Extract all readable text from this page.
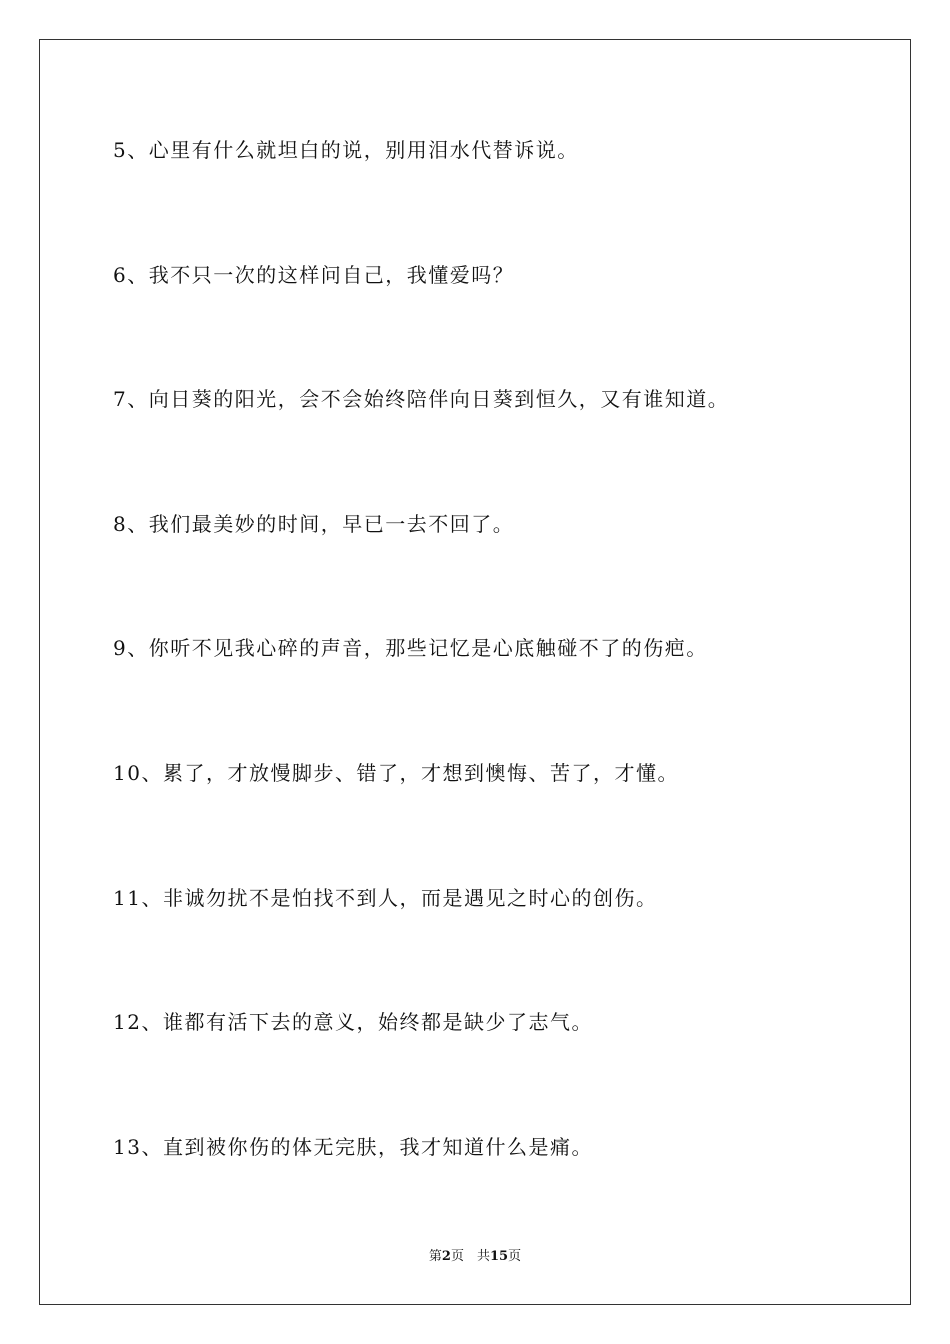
5、心里有什么就坦白的说，别用泪水代替诉说。
6、我不只一次的这样问自己，我懂爱吗？
7、向日葵的阳光，会不会始终陪伴向日葵到恒久，又有谁知道。
8、我们最美妙的时间，早已一去不回了。
9、你听不见我心碎的声音，那些记忆是心底触碰不了的伤疤。
10、累了，才放慢脚步、错了，才想到懊悔、苦了，才懂。
11、非诚勿扰不是怕找不到人，而是遇见之时心的创伤。
12、谁都有活下去的意义，始终都是缺少了志气。
13、直到被你伤的体无完肤，我才知道什么是痛。
第2页　共15页
